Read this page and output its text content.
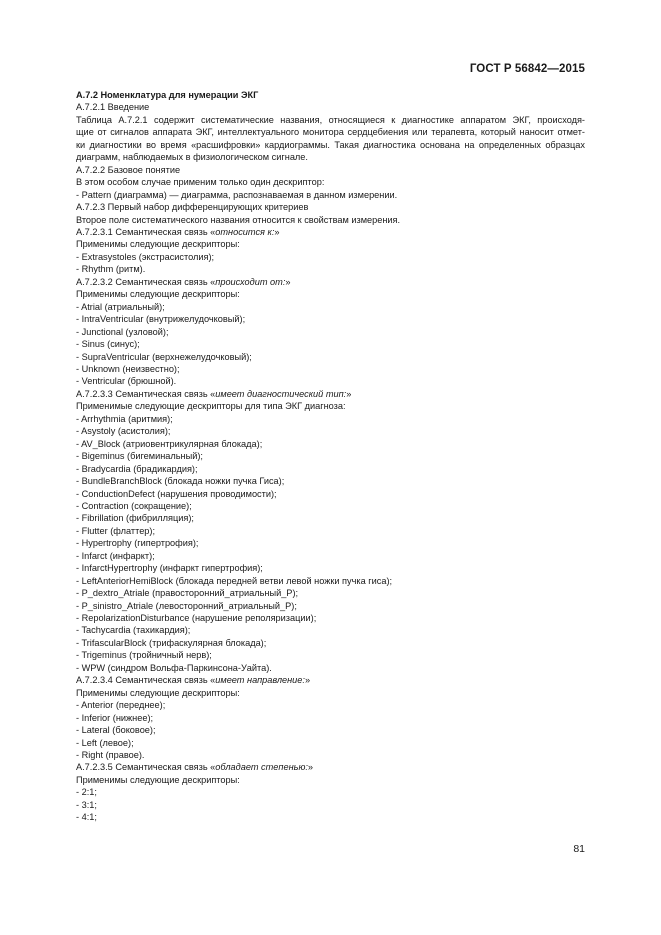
ГОСТ Р 56842—2015
А.7.2 Номенклатура для нумерации ЭКГ
А.7.2.1 Введение
Таблица А.7.2.1 содержит систематические названия, относящиеся к диагностике аппаратом ЭКГ, происходя-
щие от сигналов аппарата ЭКГ, интеллектуального монитора сердцебиения или терапевта, который наносит отмет-
ки диагностики во время «расшифровки» кардиограммы. Такая диагностика основана на определенных образцах
диаграмм, наблюдаемых в физиологическом сигнале.
А.7.2.2 Базовое понятие
В этом особом случае применим только один дескриптор:
- Pattern (диаграмма) — диаграмма, распознаваемая в данном измерении.
А.7.2.3 Первый набор дифференцирующих критериев
Второе поле систематического названия относится к свойствам измерения.
А.7.2.3.1 Семантическая связь «относится к:»
Применимы следующие дескрипторы:
- Extrasystoles (экстрасистолия);
- Rhythm (ритм).
А.7.2.3.2 Семантическая связь «происходит от:»
Применимы следующие дескрипторы:
- Atrial (атриальный);
- IntraVentricular (внутрижелудочковый);
- Junctional (узловой);
- Sinus (синус);
- SupraVentricular (верхнежелудочковый);
- Unknown (неизвестно);
- Ventricular (брюшной).
А.7.2.3.3 Семантическая связь «имеет диагностический тип:»
Применимые следующие дескрипторы для типа ЭКГ диагноза:
- Arrhythmia (аритмия);
- Asystoly (асистолия);
- AV_Block (атриовентрикулярная блокада);
- Bigeminus (бигеминальный);
- Bradycardia (брадикардия);
- BundleBranchBlock (блокада ножки пучка Гиса);
- ConductionDefect (нарушения проводимости);
- Contraction (сокращение);
- Fibrillation (фибрилляция);
- Flutter (флаттер);
- Hypertrophy (гипертрофия);
- Infarct (инфаркт);
- InfarctHypertrophy (инфаркт гипертрофия);
- LeftAnteriorHemiBlock (блокада передней ветви левой ножки пучка гиса);
- P_dextro_Atriale (правосторонний_атриальный_P);
- P_sinistro_Atriale (левосторонний_атриальный_P);
- RepolarizationDisturbance (нарушение реполяризации);
- Tachycardia (тахикардия);
- TrifascularBlock (трифаскулярная блокада);
- Trigeminus (тройничный нерв);
- WPW (синдром Вольфа-Паркинсона-Уайта).
А.7.2.3.4 Семантическая связь «имеет направление:»
Применимы следующие дескрипторы:
- Anterior (переднее);
- Inferior (нижнее);
- Lateral (боковое);
- Left (левое);
- Right (правое).
А.7.2.3.5 Семантическая связь «обладает степенью:»
Применимы следующие дескрипторы:
- 2:1;
- 3:1;
- 4:1;
81
